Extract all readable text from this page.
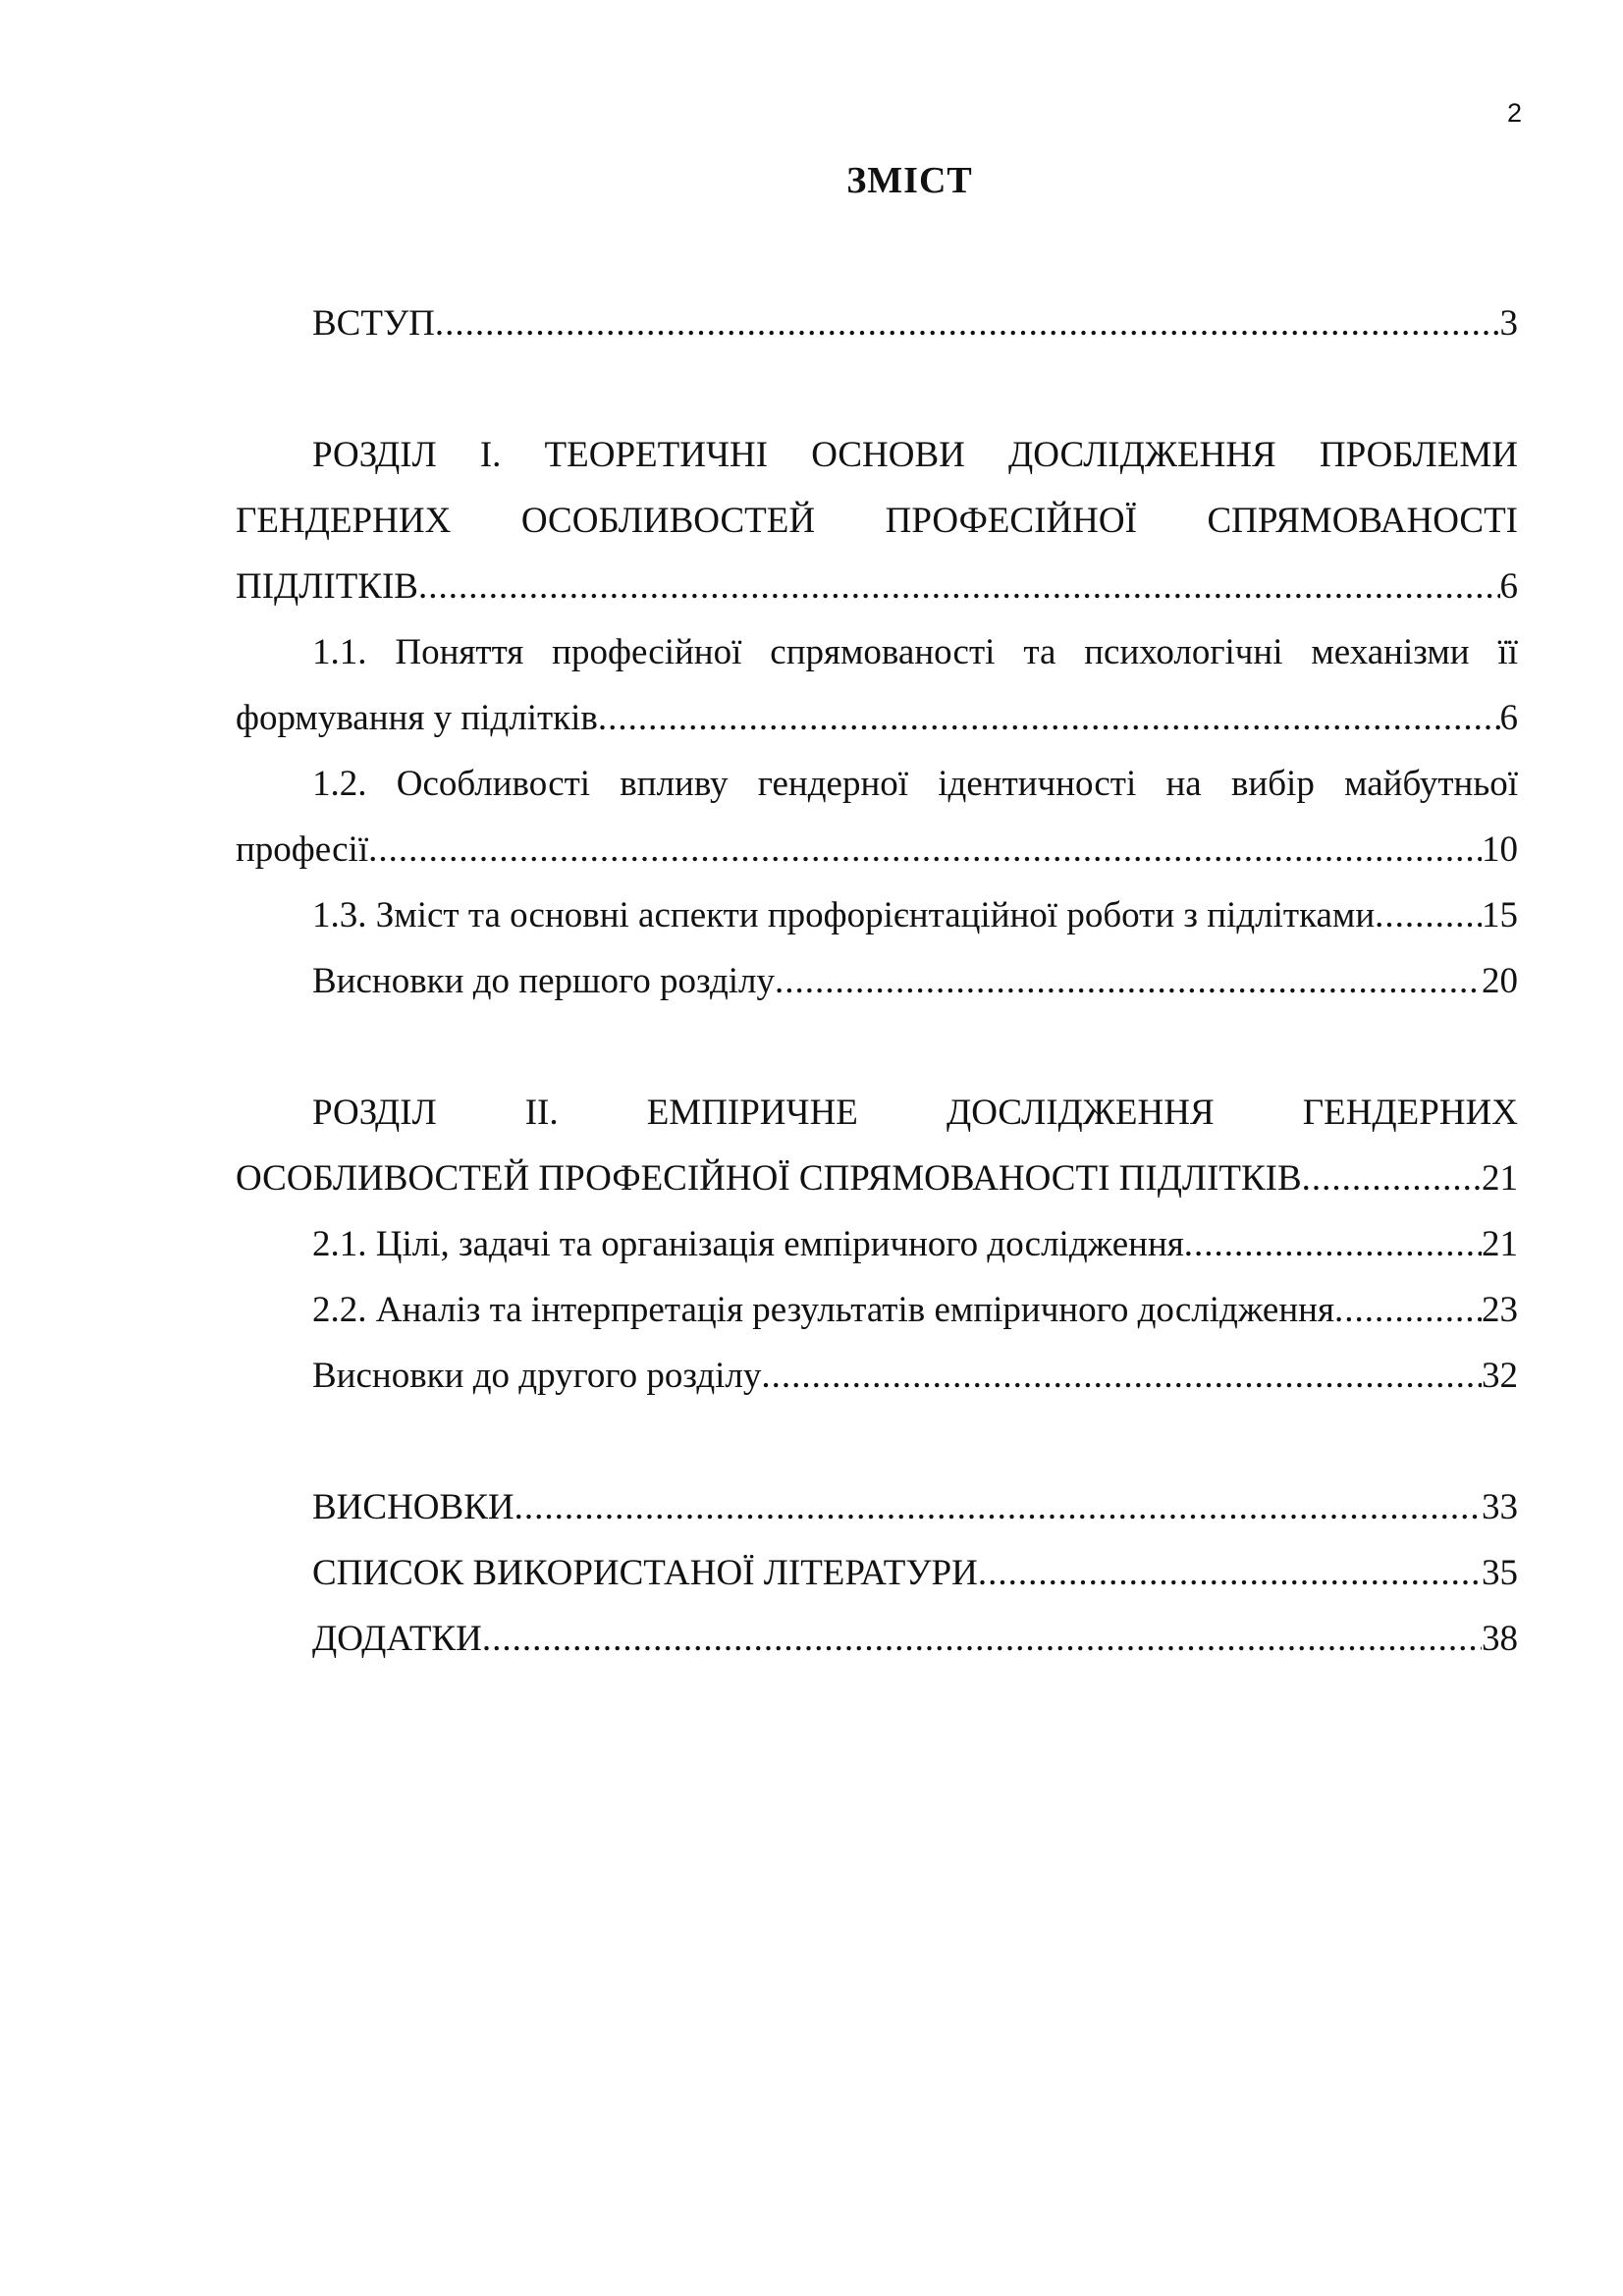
2
ЗМІСТ
ВСТУП .....	3
РОЗДІЛ І. ТЕОРЕТИЧНІ ОСНОВИ ДОСЛІДЖЕННЯ ПРОБЛЕМИ
ГЕНДЕРНИХ ОСОБЛИВОСТЕЙ ПРОФЕСІЙНОЇ СПРЯМОВАНОСТІ
ПІДЛІТКІВ .....	6
1.1. Поняття професійної спрямованості та психологічні механізми її
формування у підлітків .....	6
1.2. Особливості впливу гендерної ідентичності на вибір майбутньої
професії .....	10
1.3. Зміст та основні аспекти профорієнтаційної роботи з підлітками .....	15
Висновки до першого розділу .....	20
РОЗДІЛ ІІ. ЕМПІРИЧНЕ ДОСЛІДЖЕННЯ ГЕНДЕРНИХ
ОСОБЛИВОСТЕЙ ПРОФЕСІЙНОЇ СПРЯМОВАНОСТІ ПІДЛІТКІВ .....	21
2.1. Цілі, задачі та організація емпіричного дослідження .....	21
2.2. Аналіз та інтерпретація результатів емпіричного дослідження .....	23
Висновки до другого розділу .....	32
ВИСНОВКИ .....	33
СПИСОК ВИКОРИСТАНОЇ ЛІТЕРАТУРИ .....	35
ДОДАТКИ .....	38
